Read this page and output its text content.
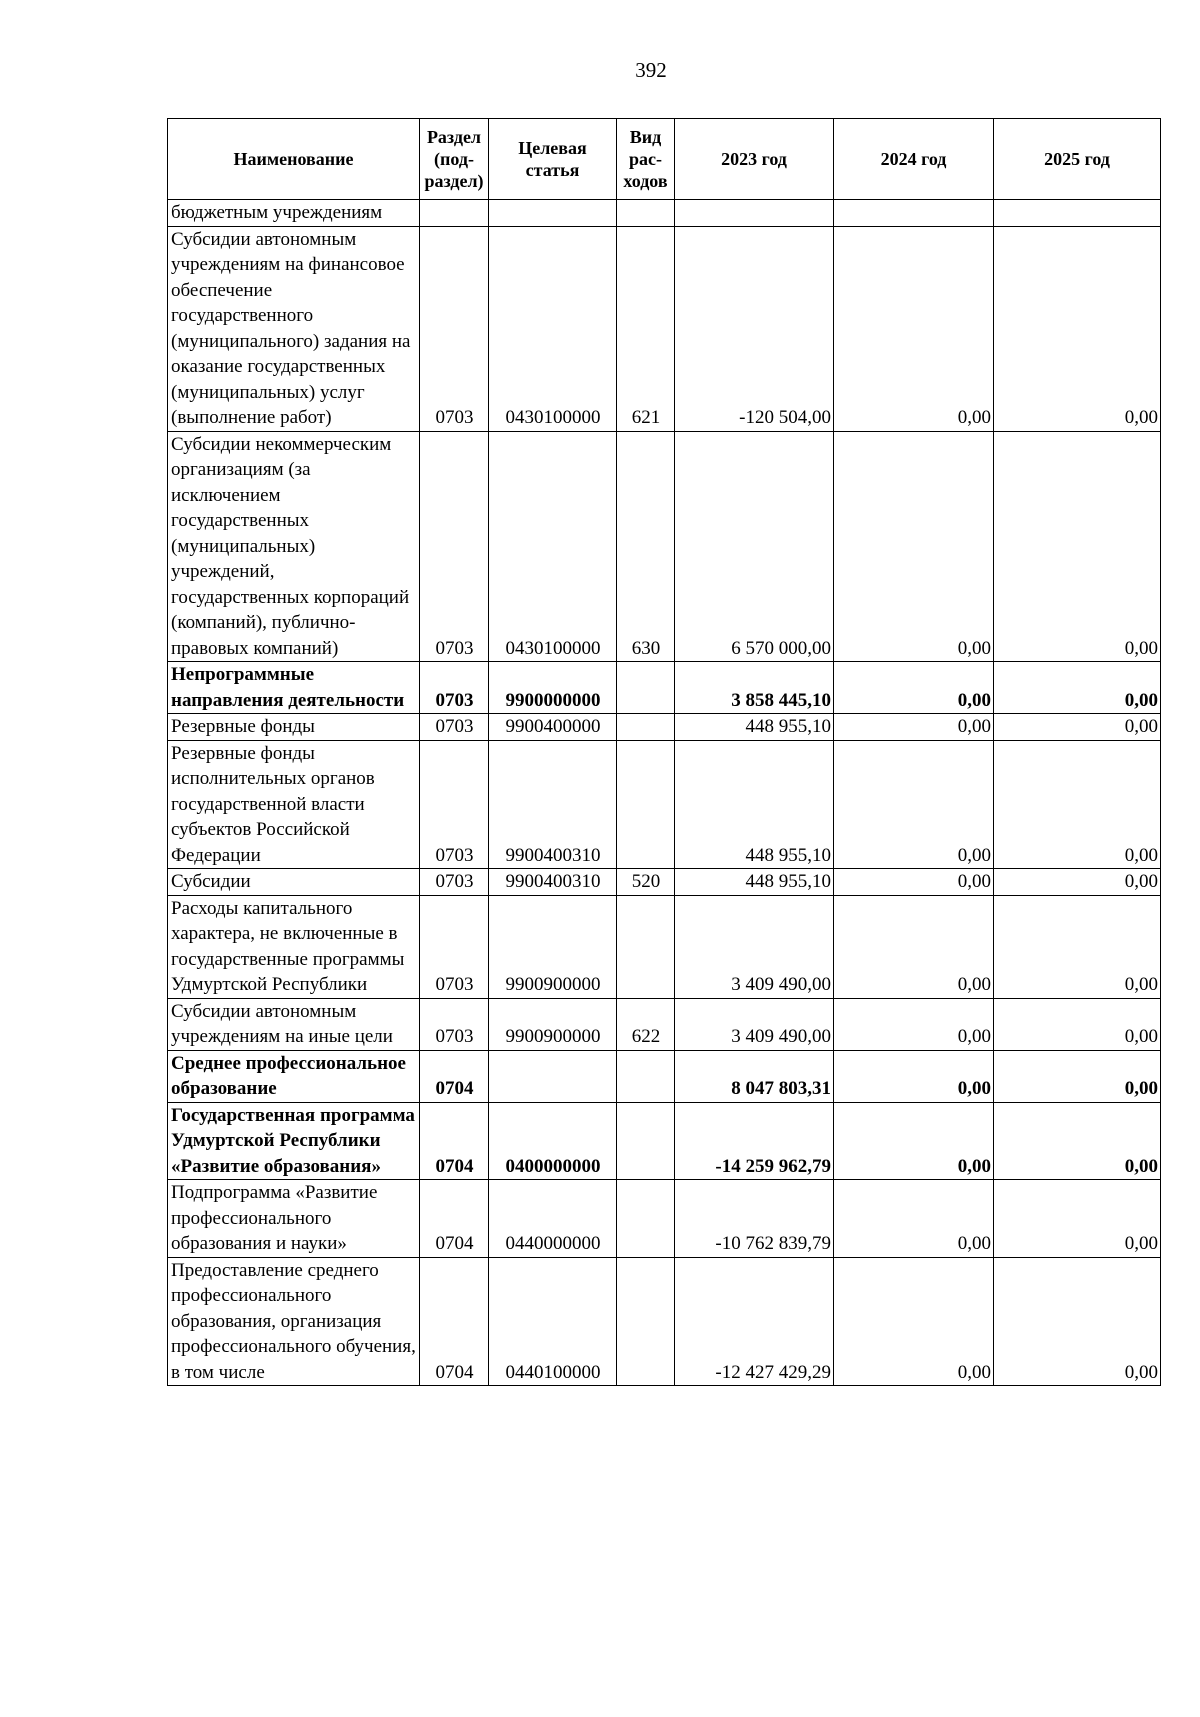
392
Наименование	Раздел (под-раздел)	Целевая статья	Вид рас-ходов	2023 год	2024 год	2025 год
бюджетным учреждениям						
Субсидии автономным учреждениям на финансовое обеспечение государственного (муниципального) задания на оказание государственных (муниципальных) услуг (выполнение работ)	0703	0430100000	621	-120 504,00	0,00	0,00
Субсидии некоммерческим организациям (за исключением государственных (муниципальных) учреждений, государственных корпораций (компаний), публично-правовых компаний)	0703	0430100000	630	6 570 000,00	0,00	0,00
Непрограммные направления деятельности	0703	9900000000		3 858 445,10	0,00	0,00
Резервные фонды	0703	9900400000		448 955,10	0,00	0,00
Резервные фонды исполнительных органов государственной власти субъектов Российской Федерации	0703	9900400310		448 955,10	0,00	0,00
Субсидии	0703	9900400310	520	448 955,10	0,00	0,00
Расходы капитального характера, не включенные в государственные программы Удмуртской Республики	0703	9900900000		3 409 490,00	0,00	0,00
Субсидии автономным учреждениям на иные цели	0703	9900900000	622	3 409 490,00	0,00	0,00
Среднее профессиональное образование	0704			8 047 803,31	0,00	0,00
Государственная программа Удмуртской Республики «Развитие образования»	0704	0400000000		-14 259 962,79	0,00	0,00
Подпрограмма «Развитие профессионального образования и науки»	0704	0440000000		-10 762 839,79	0,00	0,00
Предоставление среднего профессионального образования, организация профессионального обучения, в том числе	0704	0440100000		-12 427 429,29	0,00	0,00
